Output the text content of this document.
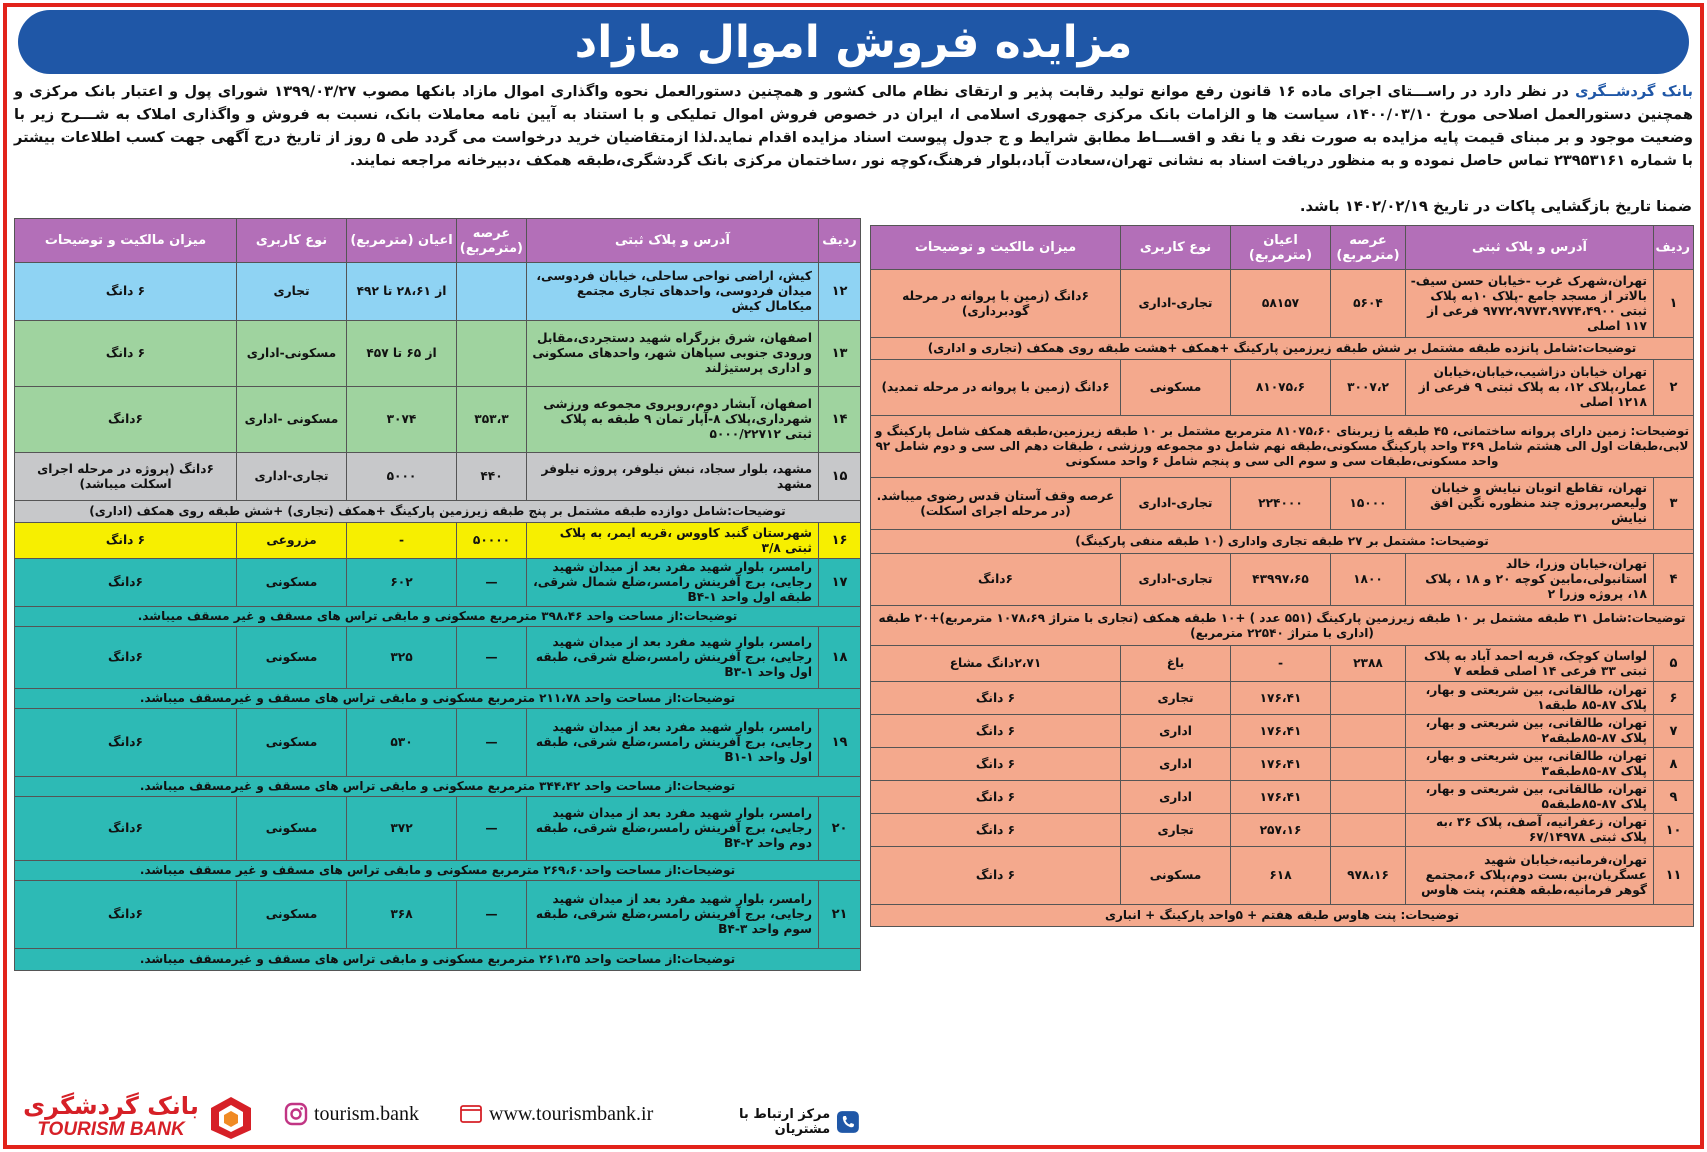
مزایده فروش اموال مازاد

بانک گردشــگری در نظر دارد در راســـتای اجرای ماده ۱۶ قانون رفع موانع تولید رقابت پذیر و ارتقای نظام مالی کشور و همچنین دستورالعمل نحوه واگذاری اموال مازاد بانکها مصوب ۱۳۹۹/۰۳/۲۷ شورای پول و اعتبار بانک مرکزی و همچنین دستورالعمل اصلاحی مورخ ۱۴۰۰/۰۳/۱۰، سیاست ها و الزامات بانک مرکزی جمهوری اسلامی ا، ایران در خصوص فروش اموال تملیکی و با استناد به آیین نامه معاملات بانک، نسبت به فروش و واگذاری املاک به شـــرح زیر با وضعیت موجود و بر مبنای قیمت پایه مزایده به صورت نقد و یا نقد و اقســـاط مطابق شرایط و ج جدول پیوست اسناد مزایده اقدام نماید.لذا ازمتقاضیان خرید درخواست می گردد طی ۵ روز از تاریخ درج آگهی جهت کسب اطلاعات بیشتر با شماره ۲۳۹۵۳۱۶۱ تماس حاصل نموده و به منظور دریافت اسناد به نشانی تهران،سعادت آباد،بلوار فرهنگ،کوچه نور ،ساختمان مرکزی بانک گردشگری،طبقه همکف ،دبیرخانه مراجعه نمایند.

ضمنا تاریخ بازگشایی پاکات در تاریخ ۱۴۰۲/۰۲/۱۹ باشد.

ردیف	آدرس و پلاک ثبتی	عرصه (مترمربع)	اعیان (مترمربع)	نوع کاربری	میزان مالکیت و توضیحات
۱	تهران،شهرک غرب -خیابان حسن سیف- بالاتر از مسجد جامع -پلاک ۱۰به پلاک ثبتی ۹۷۷۲،۹۷۷۳،۹۷۷۴،۴۹۰۰ فرعی از ۱۱۷ اصلی	۵۶۰۴	۵۸۱۵۷	تجاری-اداری	۶دانگ (زمین با پروانه در مرحله گودبرداری)
توضیحات:شامل پانزده طبقه مشتمل بر شش طبقه زیرزمین پارکینگ +همکف +هشت طبقه روی همکف (تجاری و اداری)					
۲	تهران خیابان دزاشیب،خیابان،خیابان عمار،پلاک ۱۲، به پلاک ثبتی ۹ فرعی از ۱۲۱۸ اصلی	۳۰۰۷،۲	۸۱۰۷۵،۶	مسکونی	۶دانگ (زمین با پروانه در مرحله تمدید)
توضیحات: زمین دارای پروانه ساختمانی، ۴۵ طبقه با زیربنای ۸۱۰۷۵،۶۰ مترمربع مشتمل بر ۱۰ طبقه زیرزمین،طبقه همکف شامل پارکینگ و لابی،طبقات اول الی هشتم شامل ۳۶۹ واحد پارکینگ مسکونی،طبقه نهم شامل دو مجموعه ورزشی ، طبقات دهم الی سی و دوم شامل ۹۲ واحد مسکونی،طبقات سی و سوم الی سی و پنجم شامل ۶ واحد مسکونی					
۳	تهران، تقاطع اتوبان نیایش و خیابان ولیعصر،پروژه چند منظوره نگین افق نیایش	۱۵۰۰۰	۲۲۴۰۰۰	تجاری-اداری	عرصه وقف آستان قدس رضوی میباشد. (در مرحله اجرای اسکلت)
توضیحات: مشتمل بر ۲۷ طبقه تجاری واداری (۱۰ طبقه منفی پارکینگ)					
۴	تهران،خیابان وزرا، خالد استانبولی،مابین کوچه ۲۰ و ۱۸ ، پلاک ۱۸، پروژه وزرا ۲	۱۸۰۰	۴۳۹۹۷،۶۵	تجاری-اداری	۶دانگ
توضیحات:شامل ۳۱ طبقه مشتمل بر ۱۰ طبقه زیرزمین پارکینگ (۵۵۱ عدد ) +۱۰ طبقه همکف (تجاری با متراژ ۱۰۷۸،۶۹ مترمربع)+۲۰ طبقه (اداری با متراژ ۲۲۵۴۰ مترمربع)					
۵	لواسان کوچک، قریه احمد آباد به پلاک ثبتی ۳۳ فرعی ۱۴ اصلی قطعه ۷	۲۳۸۸	-	باغ	۲،۷۱دانگ مشاع
۶	تهران، طالقانی، بین شریعتی و بهار، پلاک ۸۷-۸۵ طبقه۱		۱۷۶،۴۱	تجاری	۶ دانگ
۷	تهران، طالقانی، بین شریعتی و بهار، پلاک ۸۷-۸۵طبقه۲		۱۷۶،۴۱	اداری	۶ دانگ
۸	تهران، طالقانی، بین شریعتی و بهار، پلاک ۸۷-۸۵طبقه۳		۱۷۶،۴۱	اداری	۶ دانگ
۹	تهران، طالقانی، بین شریعتی و بهار، پلاک ۸۷-۸۵طبقه۵		۱۷۶،۴۱	اداری	۶ دانگ
۱۰	تهران، زعفرانیه، آصف، پلاک ۳۶ ،به پلاک ثبتی ۶۷/۱۴۹۷۸		۲۵۷،۱۶	تجاری	۶ دانگ
۱۱	تهران،فرمانیه،خیابان شهید عسگریان،بن بست دوم،پلاک ۶،مجتمع گوهر فرمانیه،طبقه هفتم، پنت هاوس	۹۷۸،۱۶	۶۱۸	مسکونی	۶ دانگ
توضیحات: پنت هاوس طبقه هفتم + ۵واحد پارکینگ + انباری					
ردیف	آدرس و پلاک ثبتی	عرصه (مترمربع)	اعیان (مترمربع)	نوع کاربری	میزان مالکیت و توضیحات
۱۲	کیش، اراضی نواحی ساحلی، خیابان فردوسی، میدان فردوسی، واحدهای تجاری مجتمع میکامال کیش		از ۲۸،۶۱ تا ۴۹۲	تجاری	۶ دانگ
۱۳	اصفهان، شرق بزرگراه شهید دستجردی،مقابل ورودی جنوبی سپاهان شهر، واحدهای مسکونی و اداری پرستیژلند		از ۶۵ تا ۴۵۷	مسکونی-اداری	۶ دانگ
۱۴	اصفهان، آبشار دوم،روبروی مجموعه ورزشی شهرداری،پلاک ۸-آپار تمان ۹ طبقه به پلاک ثبتی ۵۰۰۰/۲۲۷۱۲	۳۵۳،۳	۳۰۷۴	مسکونی -اداری	۶دانگ
۱۵	مشهد، بلوار سجاد، نبش نیلوفر، پروژه نیلوفر مشهد	۴۴۰	۵۰۰۰	تجاری-اداری	۶دانگ (پروژه در مرحله اجرای اسکلت میباشد)
توضیحات:شامل دوازده طبقه مشتمل بر پنج طبقه زیرزمین پارکینگ +همکف (تجاری) +شش طبقه روی همکف (اداری)					
۱۶	شهرستان گنبد کاووس ،قریه ایمر، به پلاک ثبتی ۳/۸	۵۰۰۰۰	-	مزروعی	۶ دانگ
۱۷	رامسر، بلوار شهید مفرد بعد از میدان شهید رجایی، برج آفرینش رامسر،ضلع شمال شرقی، طبقه اول واحد B۴-۱	—	۶۰۲	مسکونی	۶دانگ
توضیحات:از مساحت واحد ۳۹۸،۴۶ مترمربع مسکونی و مابقی تراس های مسقف و غیر مسقف میباشد.					
۱۸	رامسر، بلوار شهید مفرد بعد از میدان شهید رجایی، برج آفرینش رامسر،ضلع شرقی، طبقه اول واحد B۳-۱	—	۳۲۵	مسکونی	۶دانگ
توضیحات:از مساحت واحد ۲۱۱،۷۸ مترمربع مسکونی و مابقی تراس های مسقف و غیرمسقف میباشد.					
۱۹	رامسر، بلوار شهید مفرد بعد از میدان شهید رجایی، برج آفرینش رامسر،ضلع شرقی، طبقه اول واحد B۱-۱	—	۵۳۰	مسکونی	۶دانگ
توضیحات:از مساحت واحد ۳۴۴،۴۲ مترمربع مسکونی و مابقی تراس های مسقف و غیرمسقف میباشد.					
۲۰	رامسر، بلوار شهید مفرد بعد از میدان شهید رجایی، برج آفرینش رامسر،ضلع شرقی، طبقه دوم واحد B۴-۲	—	۳۷۲	مسکونی	۶دانگ
توضیحات:از مساحت واحد۲۶۹،۶۰ مترمربع مسکونی و مابقی تراس های مسقف و غیر مسقف میباشد.					
۲۱	رامسر، بلوار شهید مفرد بعد از میدان شهید رجایی، برج آفرینش رامسر،ضلع شرقی، طبقه سوم واحد B۴-۳	—	۳۶۸	مسکونی	۶دانگ
توضیحات:از مساحت واحد ۲۶۱،۳۵ مترمربع مسکونی و مابقی تراس های مسقف و غیرمسقف میباشد.					
بانک گردشگری
TOURISM BANK
tourism.bank	www.tourismbank.ir	مرکز ارتباط با مشتریان
